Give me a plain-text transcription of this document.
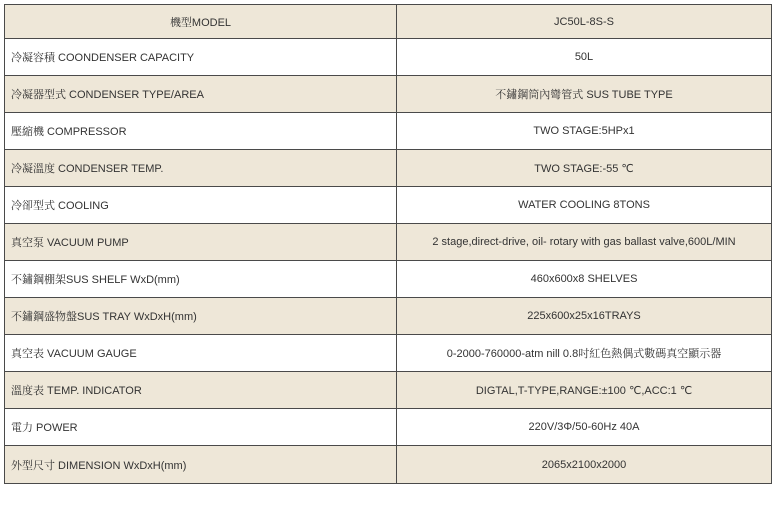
機型MODEL	JC50L-8S-S
冷凝容積 COONDENSER CAPACITY	50L
冷凝器型式 CONDENSER TYPE/AREA	不鏽鋼筒內彎管式 SUS TUBE TYPE
壓縮機 COMPRESSOR	TWO STAGE:5HPx1
冷凝溫度 CONDENSER TEMP.	TWO STAGE:-55 ℃
冷卻型式 COOLING	WATER COOLING 8TONS
真空泵 VACUUM PUMP	2 stage,direct-drive, oil- rotary with gas ballast valve,600L/MIN
不鏽鋼棚架SUS SHELF WxD(mm)	460x600x8 SHELVES
不鏽鋼盛物盤SUS TRAY WxDxH(mm)	225x600x25x16TRAYS
真空表 VACUUM GAUGE	0-2000-760000-atm nill 0.8吋紅色熱偶式數碼真空顯示器
溫度表 TEMP. INDICATOR	DIGTAL,T-TYPE,RANGE:±100 ℃,ACC:1 ℃
電力 POWER	220V/3Φ/50-60Hz 40A
外型尺寸 DIMENSION WxDxH(mm)	2065x2100x2000
